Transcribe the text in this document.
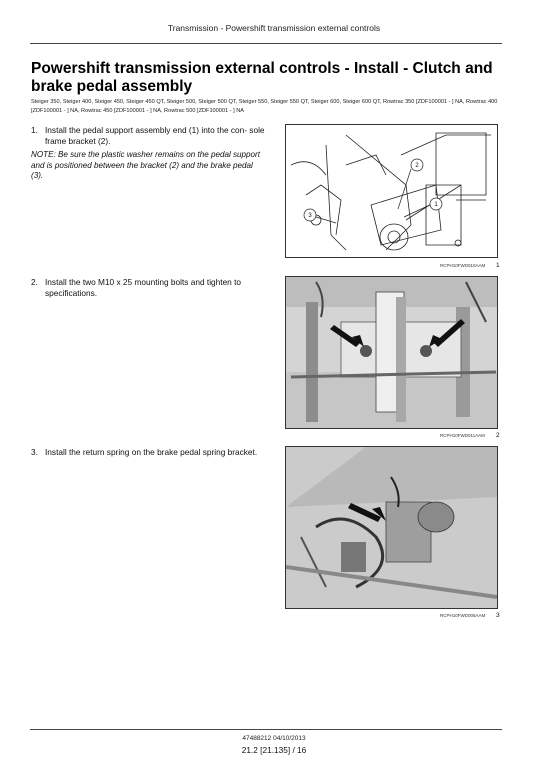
Transmission - Powershift transmission external controls
Powershift transmission external controls - Install - Clutch and brake pedal assembly
Steiger 350, Steiger 400, Steiger 450, Steiger 450 QT, Steiger 500, Steiger 500 QT, Steiger 550, Steiger 550 QT, Steiger 600, Steiger 600 QT, Rowtrac 350 [ZDF100001 - ] NA, Rowtrac 400 [ZDF100001 - ] NA, Rowtrac 450 [ZDF100001 - ] NA, Rowtrac 500 [ZDF100001 - ] NA
1. Install the pedal support assembly end (1) into the con- sole frame bracket (2).
NOTE: Be sure the plastic washer remains on the pedal support and is positioned between the bracket (2) and the brake pedal (3).
2. Install the two M10 x 25 mounting bolts and tighten to specifications.
3. Install the return spring on the brake pedal spring bracket.
1
2
3
RCPH10FWD010AAM 1
RCPH10FWD011AAM 2
RCPH10FWD006AAM 3
47488212 04/10/2013
21.2 [21.135] / 16
